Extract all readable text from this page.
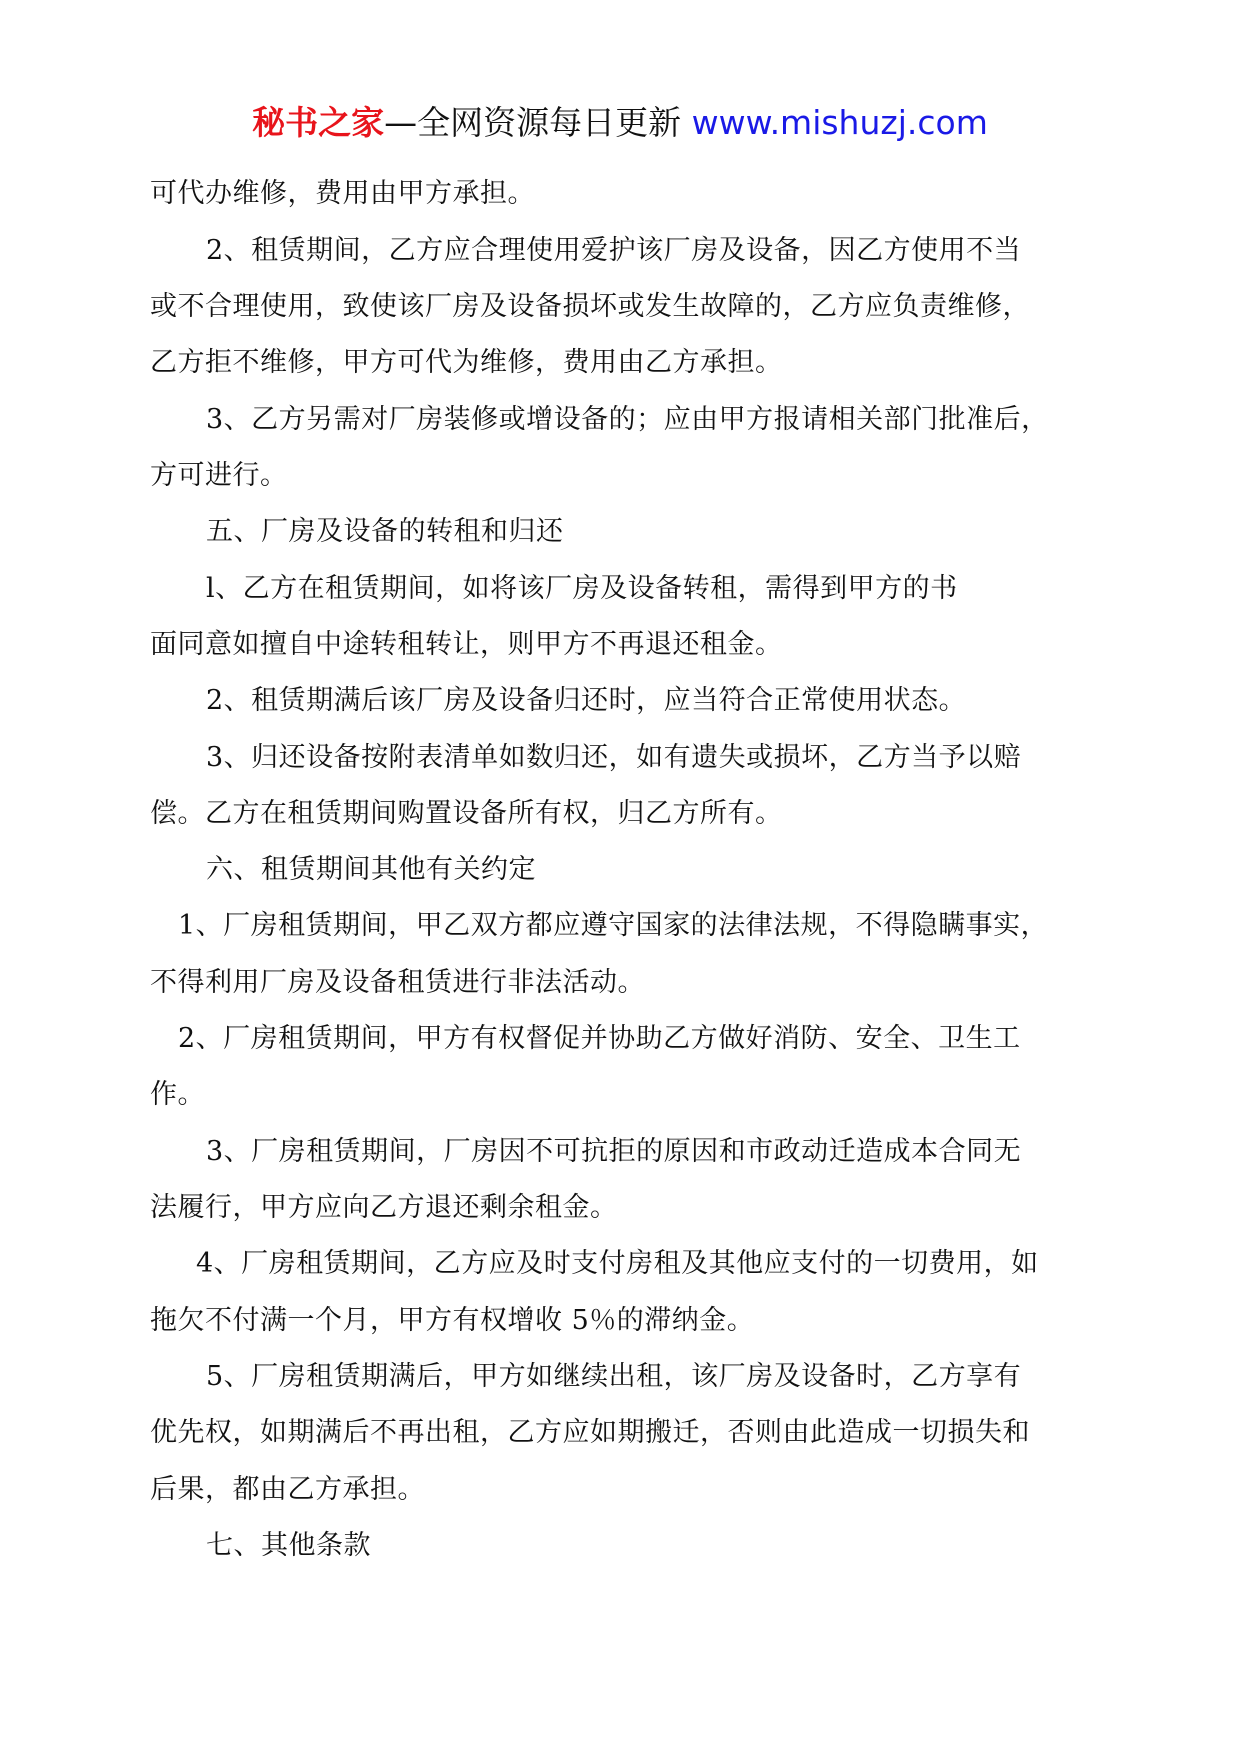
秘书之家—全网资源每日更新 www.mishuzj.com
可代办维修，费用由甲方承担。
2、租赁期间，乙方应合理使用爱护该厂房及设备，因乙方使用不当
或不合理使用，致使该厂房及设备损坏或发生故障的，乙方应负责维修，
乙方拒不维修，甲方可代为维修，费用由乙方承担。
3、乙方另需对厂房装修或增设备的；应由甲方报请相关部门批准后，
方可进行。
五、厂房及设备的转租和归还
l、乙方在租赁期间，如将该厂房及设备转租，需得到甲方的书
面同意如擅自中途转租转让，则甲方不再退还租金。
2、租赁期满后该厂房及设备归还时，应当符合正常使用状态。
3、归还设备按附表清单如数归还，如有遗失或损坏，乙方当予以赔
偿。乙方在租赁期间购置设备所有权，归乙方所有。
六、租赁期间其他有关约定
1、厂房租赁期间，甲乙双方都应遵守国家的法律法规，不得隐瞒事实，
不得利用厂房及设备租赁进行非法活动。
2、厂房租赁期间，甲方有权督促并协助乙方做好消防、安全、卫生工
作。
3、厂房租赁期间，厂房因不可抗拒的原因和市政动迁造成本合同无
法履行，甲方应向乙方退还剩余租金。
4、厂房租赁期间，乙方应及时支付房租及其他应支付的一切费用，如
拖欠不付满一个月，甲方有权增收 5％的滞纳金。
5、厂房租赁期满后，甲方如继续出租，该厂房及设备时，乙方享有
优先权，如期满后不再出租，乙方应如期搬迁，否则由此造成一切损失和
后果，都由乙方承担。
七、其他条款
